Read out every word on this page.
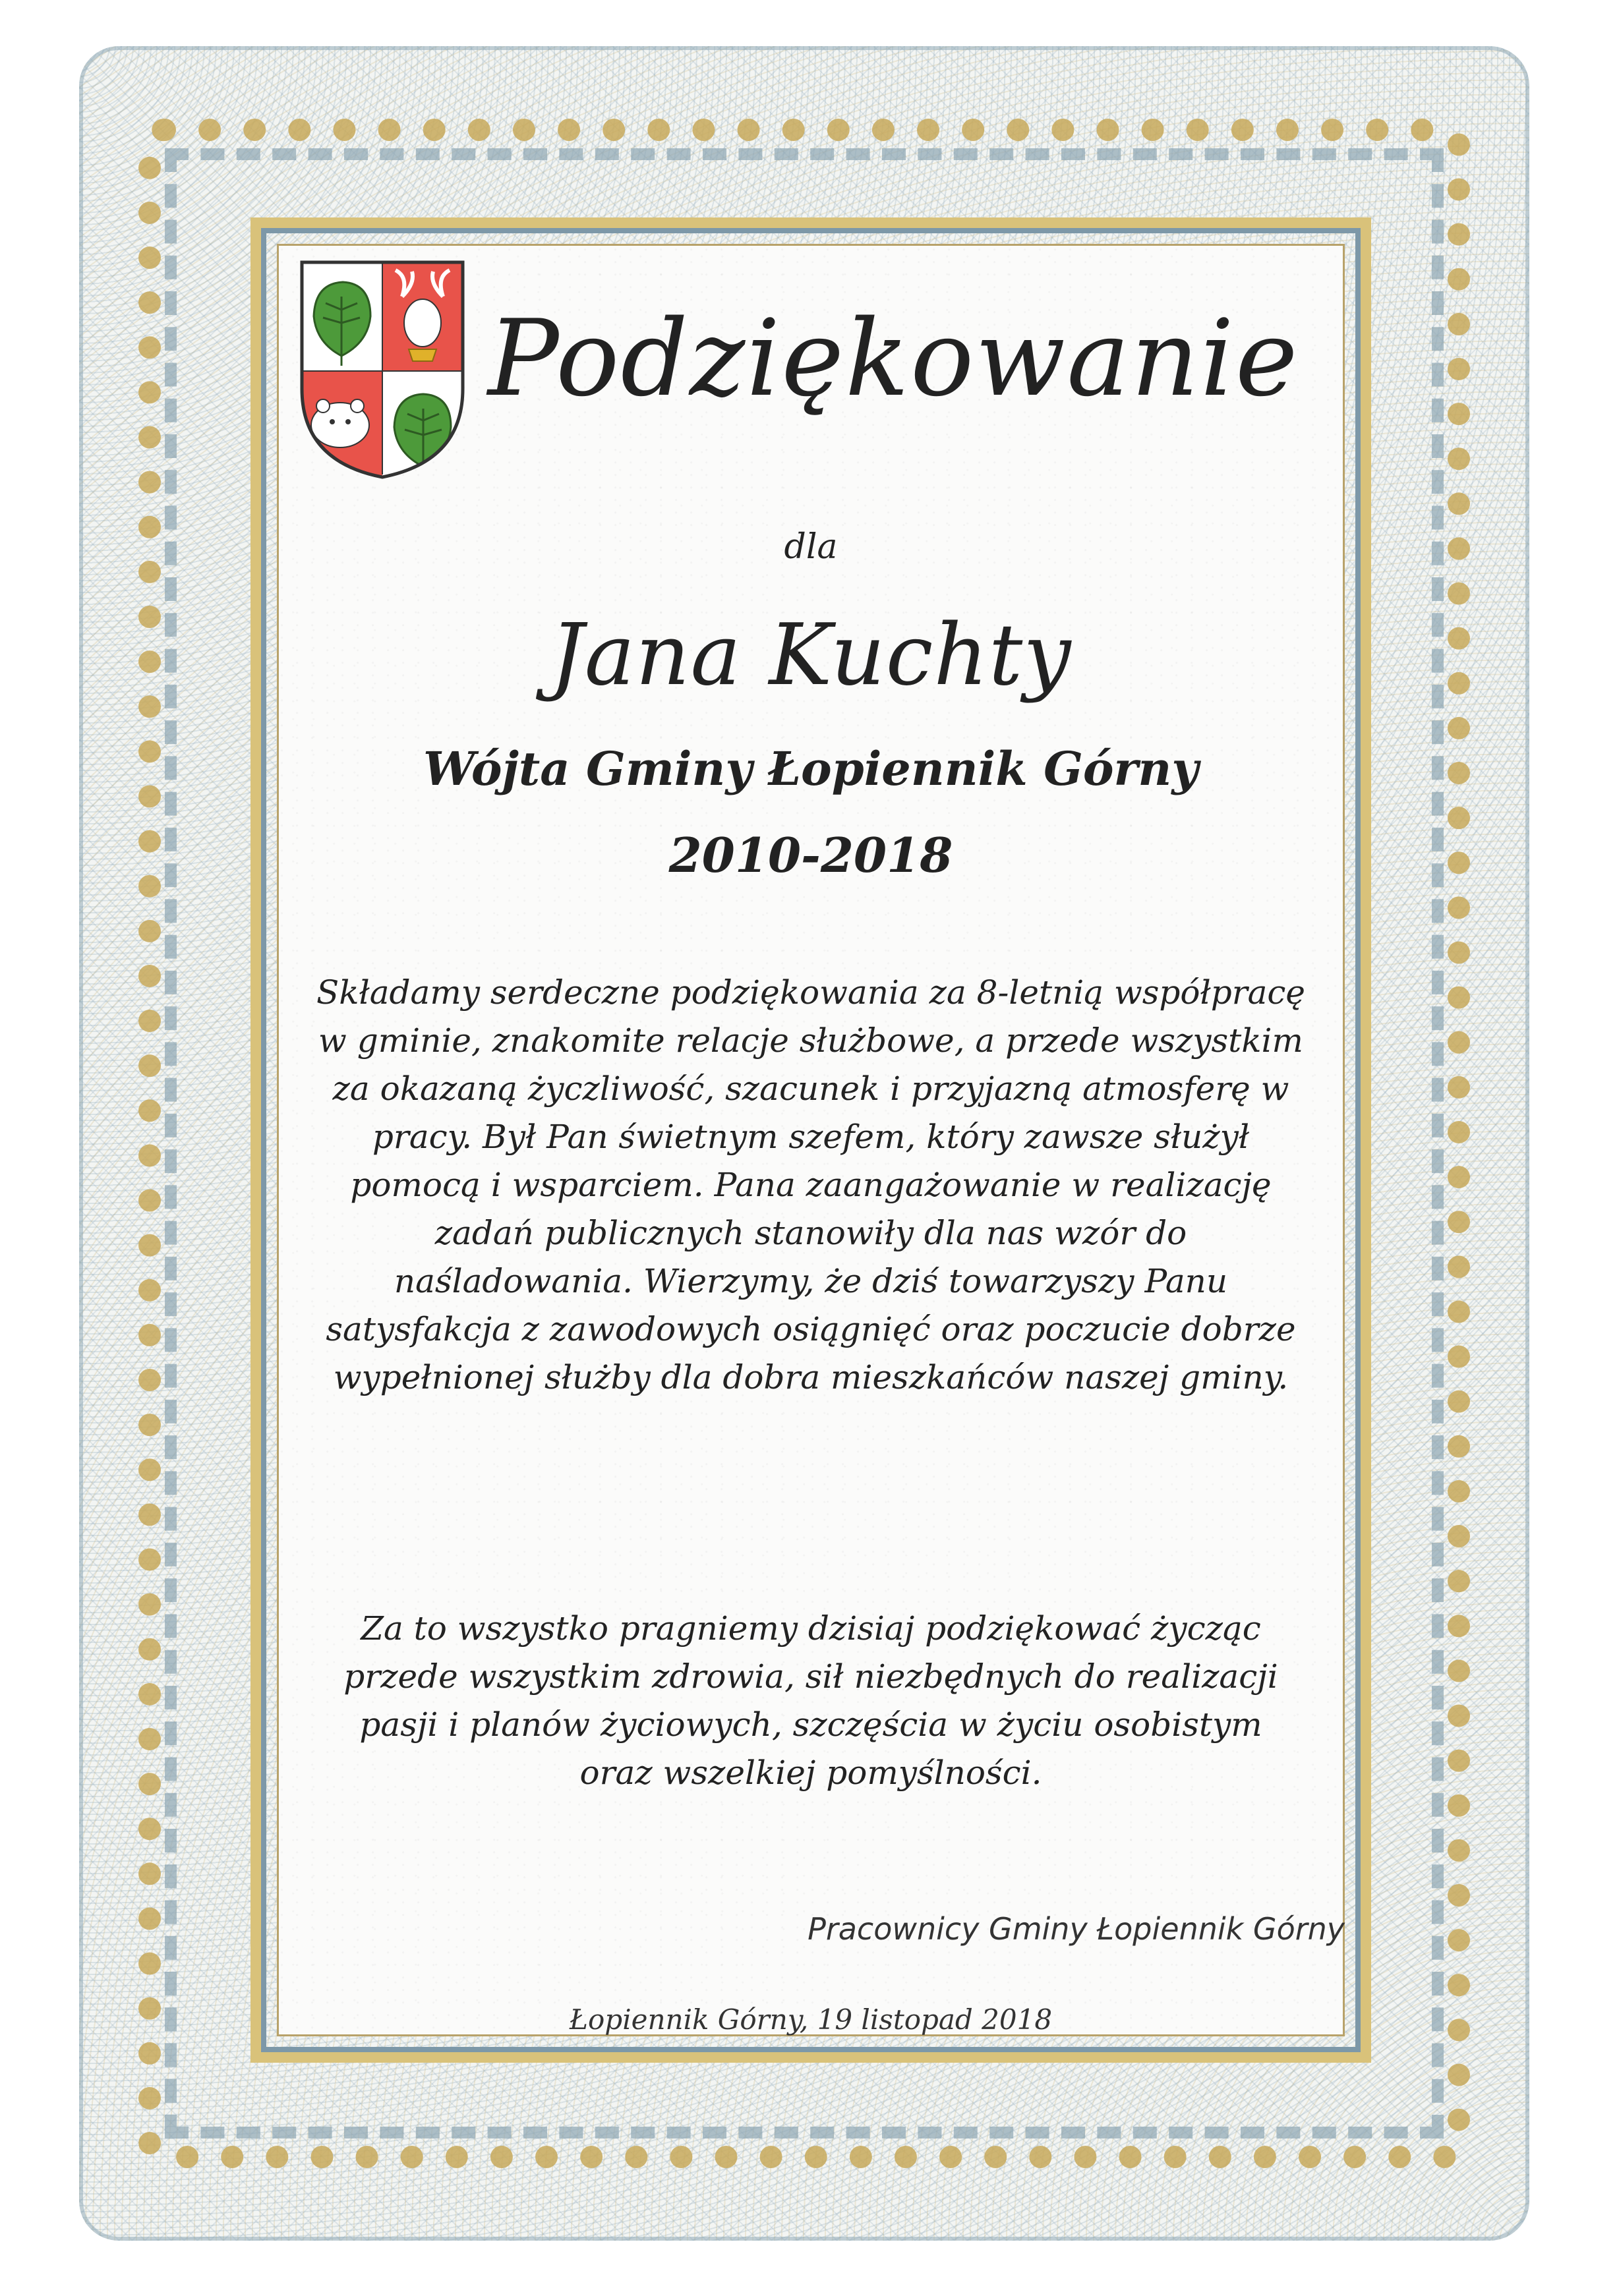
Podziękowanie
dla
Jana Kuchty
Wójta Gminy Łopiennik Górny
2010-2018

Składamy serdeczne podziękowania za 8-letnią współpracę

w gminie, znakomite relacje służbowe, a przede wszystkim

za okazaną życzliwość, szacunek i przyjazną atmosferę w

pracy. Był Pan świetnym szefem, który zawsze służył

pomocą i wsparciem. Pana zaangażowanie w realizację

zadań publicznych stanowiły dla nas wzór do

naśladowania. Wierzymy, że dziś towarzyszy Panu

satysfakcja z zawodowych osiągnięć oraz poczucie dobrze

wypełnionej służby dla dobra mieszkańców naszej gminy.

Za to wszystko pragniemy dzisiaj podziękować życząc

przede wszystkim zdrowia, sił niezbędnych do realizacji

pasji i planów życiowych, szczęścia w życiu osobistym

oraz wszelkiej pomyślności.

Pracownicy Gminy Łopiennik Górny
Łopiennik Górny, 19 listopad 2018
